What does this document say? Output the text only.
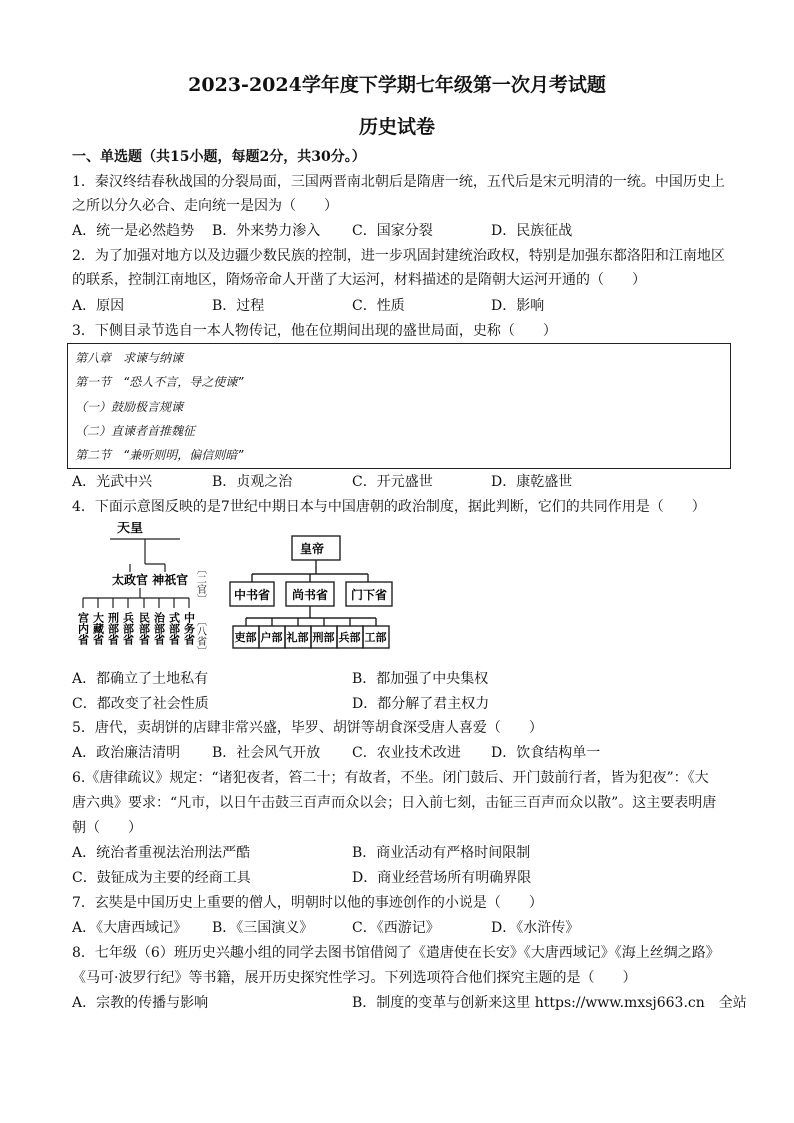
2023-2024学年度下学期七年级第一次月考试题
历史试卷
一、单选题（共15小题，每题2分，共30分。）
1．秦汉终结春秋战国的分裂局面，三国两晋南北朝后是隋唐一统，五代后是宋元明清的一统。中国历史上
之所以分久必合、走向统一是因为（　　）
A．统一是必然趋势 B．外来势力渗入 C．国家分裂	D．民族征战
2．为了加强对地方以及边疆少数民族的控制，进一步巩固封建统治政权，特别是加强东都洛阳和江南地区
的联系，控制江南地区，隋炀帝命人开凿了大运河，材料描述的是隋朝大运河开通的（　　）
A．原因	B．过程	C．性质	D．影响
3．下侧目录节选自一本人物传记，他在位期间出现的盛世局面，史称（　　）
第八章　求谏与纳谏
第一节　“恐人不言，导之使谏”
（一）鼓励极言规谏
（二）直谏者首推魏征
第二节　“兼听则明，偏信则暗”
A．光武中兴	B．贞观之治	C．开元盛世	D．康乾盛世
4．下面示意图反映的是7世纪中期日本与中国唐朝的政治制度，据此判断，它们的共同作用是（　　）
天皇
太政官 神祇官 〔二官〕
〔八省〕
宫内省 大藏省 刑部省 兵部省 民部省 治部省 式部省 中务省
皇帝
中书省 尚书省 门下省
吏部 户部 礼部 刑部 兵部 工部
A．都确立了土地私有	B．都加强了中央集权
C．都改变了社会性质	D．都分解了君主权力
5．唐代，卖胡饼的店肆非常兴盛，毕罗、胡饼等胡食深受唐人喜爱（　　）
A．政治廉洁清明 B．社会风气开放 C．农业技术改进 D．饮食结构单一
6.《唐律疏议》规定：“诸犯夜者，笞二十；有故者，不坐。闭门鼓后、开门鼓前行者，皆为犯夜”：《大
唐六典》要求：“凡市，以日午击鼓三百声而众以会；日入前七刻，击钲三百声而众以散”。这主要表明唐
朝（　　）
A．统治者重视法治刑法严酷	B．商业活动有严格时间限制
C．鼓钲成为主要的经商工具	D．商业经营场所有明确界限
7．玄奘是中国历史上重要的僧人，明朝时以他的事迹创作的小说是（　　）
A．《大唐西域记》 B．《三国演义》	C．《西游记》	D．《水浒传》
8．七年级（6）班历史兴趣小组的同学去图书馆借阅了《遣唐使在长安》《大唐西域记》《海上丝绸之路》
《马可·波罗行纪》等书籍，展开历史探究性学习。下列选项符合他们探究主题的是（　　）
A．宗教的传播与影响	B．制度的变革与创新来这里 https://www.mxsj663.cn　全站
